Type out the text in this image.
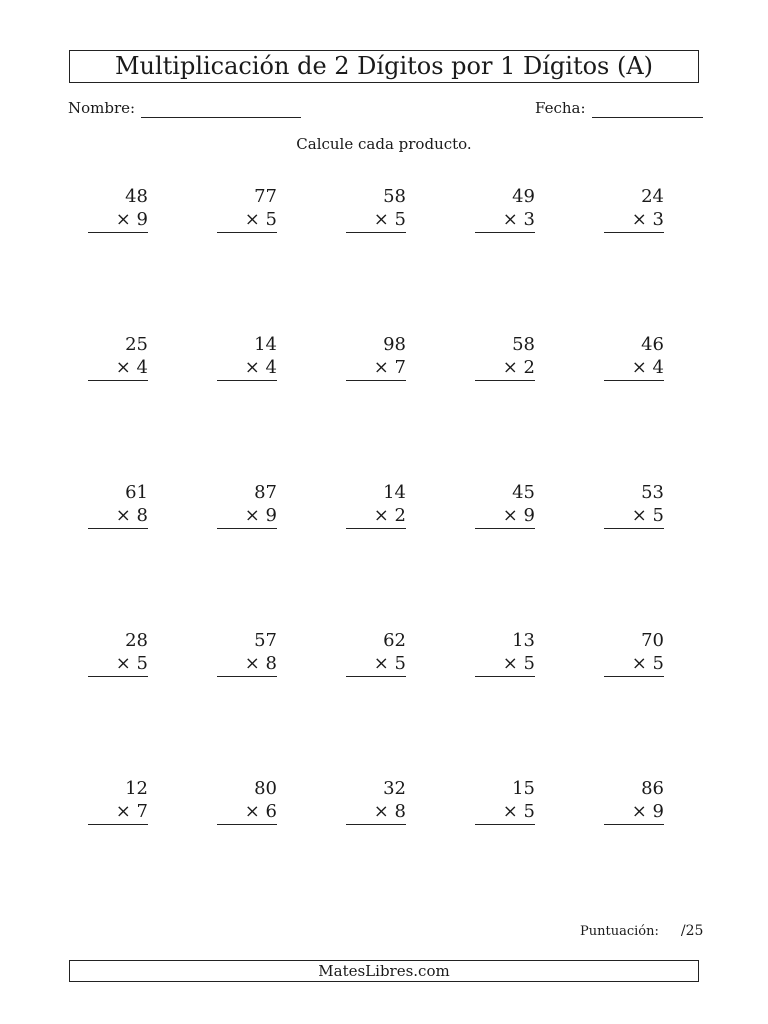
Multiplicación de 2 Dígitos por 1 Dígitos (A)
Nombre:	Fecha:
Calcule cada producto.
48
× 9
77
× 5
58
× 5
49
× 3
24
× 3
25
× 4
14
× 4
98
× 7
58
× 2
46
× 4
61
× 8
87
× 9
14
× 2
45
× 9
53
× 5
28
× 5
57
× 8
62
× 5
13
× 5
70
× 5
12
× 7
80
× 6
32
× 8
15
× 5
86
× 9
Puntuación: /25
MatesLibres.com
